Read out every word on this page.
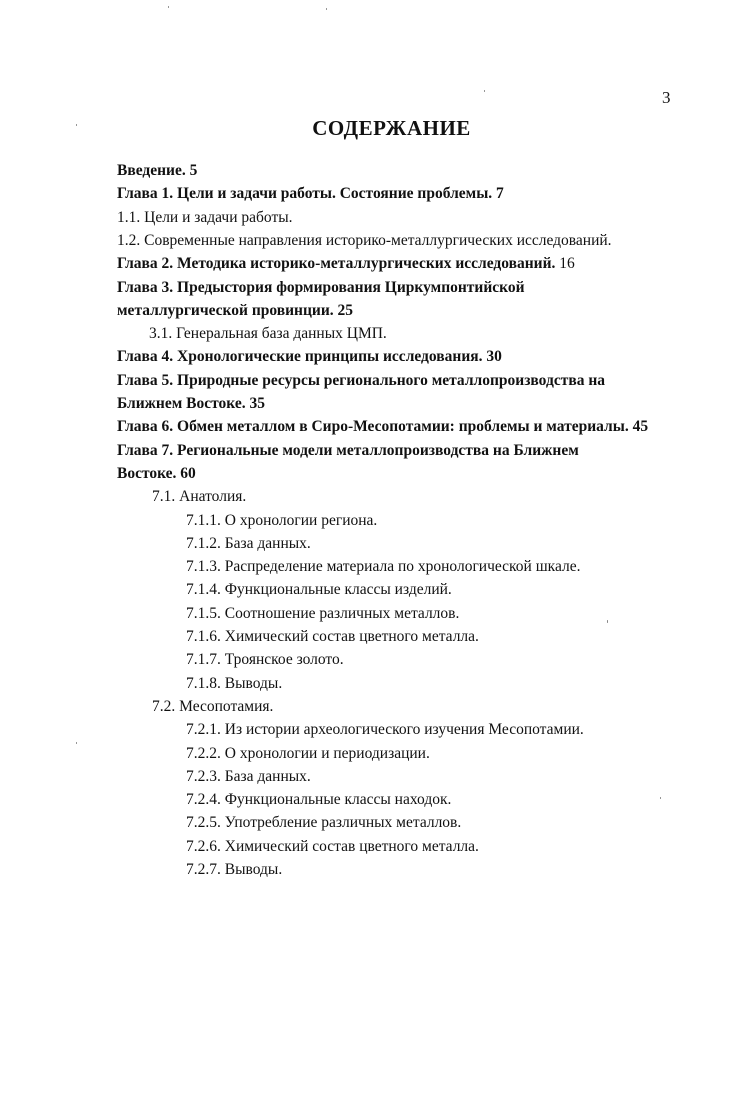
3
СОДЕРЖАНИЕ
Введение. 5
Глава 1. Цели и задачи работы. Состояние проблемы. 7
1.1. Цели и задачи работы.
1.2. Современные направления историко-металлургических исследований.
Глава 2. Методика историко-металлургических исследований. 16
Глава 3. Предыстория формирования Циркумпонтийской
металлургической провинции. 25
3.1. Генеральная база данных ЦМП.
Глава 4. Хронологические принципы исследования. 30
Глава 5. Природные ресурсы регионального металлопроизводства на
Ближнем Востоке. 35
Глава 6. Обмен металлом в Сиро-Месопотамии: проблемы и материалы. 45
Глава 7. Региональные модели металлопроизводства на Ближнем
Востоке. 60
7.1. Анатолия.
7.1.1. О хронологии региона.
7.1.2. База данных.
7.1.3. Распределение материала по хронологической шкале.
7.1.4. Функциональные классы изделий.
7.1.5. Соотношение различных металлов.
7.1.6. Химический состав цветного металла.
7.1.7. Троянское золото.
7.1.8. Выводы.
7.2. Месопотамия.
7.2.1. Из истории археологического изучения Месопотамии.
7.2.2. О хронологии и периодизации.
7.2.3. База данных.
7.2.4. Функциональные классы находок.
7.2.5. Употребление различных металлов.
7.2.6. Химический состав цветного металла.
7.2.7. Выводы.
